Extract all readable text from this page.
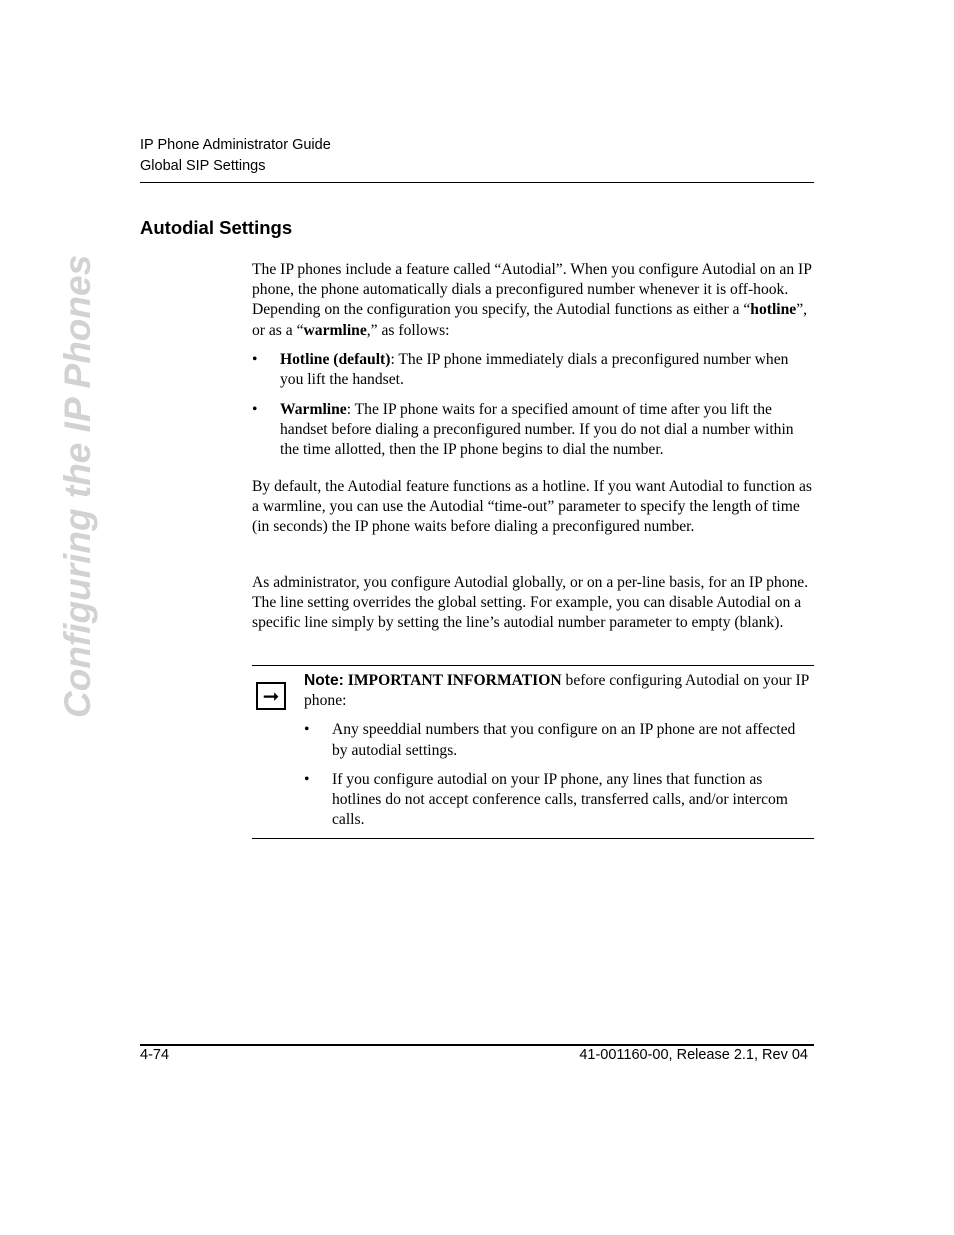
IP Phone Administrator Guide
Global SIP Settings
Configuring the IP Phones
Autodial Settings

The IP phones include a feature called “Autodial”. When you configure Autodial on an IP phone, the phone automatically dials a preconfigured number whenever it is off-hook. Depending on the configuration you specify, the Autodial functions as either a “hotline”, or as a “warmline,” as follows:

• Hotline (default): The IP phone immediately dials a preconfigured number when you lift the handset.
• Warmline: The IP phone waits for a specified amount of time after you lift the handset before dialing a preconfigured number. If you do not dial a number within the time allotted, then the IP phone begins to dial the number.

By default, the Autodial feature functions as a hotline. If you want Autodial to function as a warmline, you can use the Autodial “time-out” parameter to specify the length of time (in seconds) the IP phone waits before dialing a preconfigured number.

As administrator, you configure Autodial globally, or on a per-line basis, for an IP phone. The line setting overrides the global setting. For example, you can disable Autodial on a specific line simply by setting the line’s autodial number parameter to empty (blank).

➞

Note: IMPORTANT INFORMATION before configuring Autodial on your IP phone:

• Any speeddial numbers that you configure on an IP phone are not affected by autodial settings.
• If you configure autodial on your IP phone, any lines that function as hotlines do not accept conference calls, transferred calls, and/or intercom calls.
4-74	41-001160-00, Release 2.1, Rev 04
